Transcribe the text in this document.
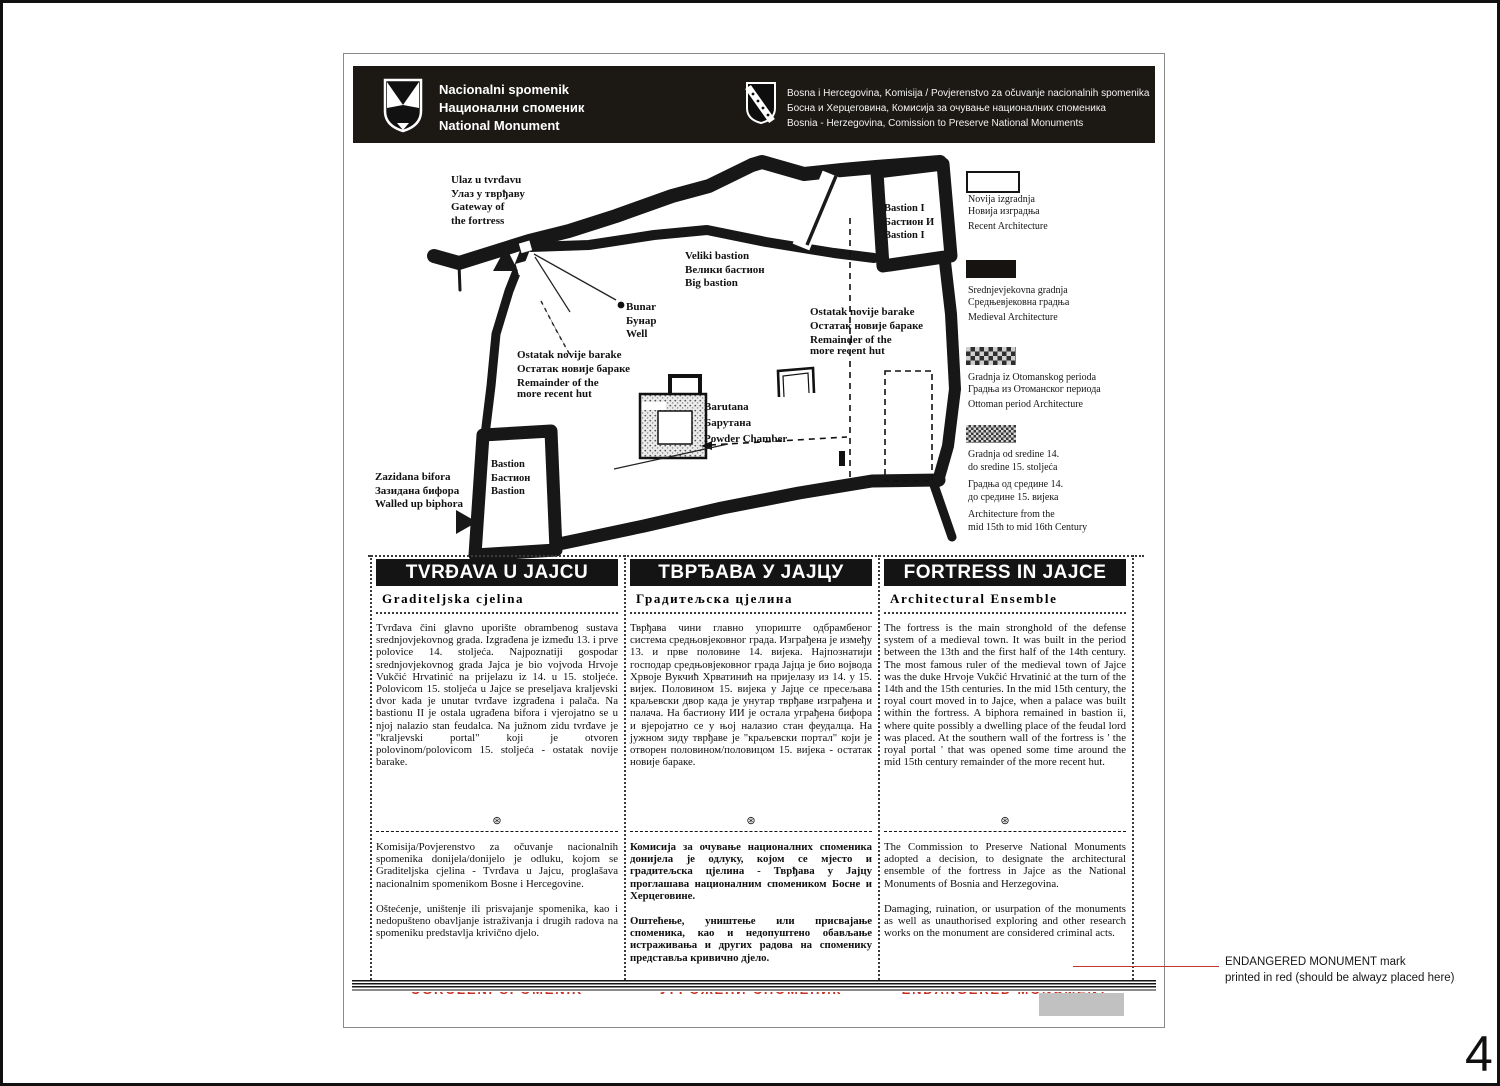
Nacionalni spomenik
Национални споменик
National Monument
Bosna i Hercegovina, Komisija / Povjerenstvo za očuvanje nacionalnih spomenika
Босна и Херцеговина, Комисија за очување националних споменика
Bosnia - Herzegovina, Comission to Preserve National Monuments
Ulaz u tvrđavu
Улаз у тврђаву
Gateway of
the fortress
Veliki bastion
Велики бастион
Big bastion
Bastion I
Бастион И
Bastion I
Bunar
Бунар
Well
Ostatak novije barake
Остатак новије бараке
Remainder of the
more recent hut
Ostatak novije barake
Остатак новије бараке
Remainder of the
more recent hut
Barutana
Барутана
Powder Chamber
Zazidana bifora
Зазидана бифора
Walled up biphora
Bastion
Бастион
Bastion
Novija izgradnja
Новија изградња
Recent Architecture
Srednjevjekovna gradnja
Средњевјековна градња
Medieval Architecture
Gradnja iz Otomanskog perioda
Градња из Отоманског периода
Ottoman period Architecture
Gradnja od sredine 14.
do sredine 15. stoljeća
Градња од средине 14.
до средине 15. вијека
Architecture from the
mid 15th to mid 16th Century
TVRĐAVA U JAJCU
Graditeljska cjelina
Tvrđava čini glavno uporište obrambenog sustava srednjovjekovnog grada. Izgrađena je između 13. i prve polovice 14. stoljeća. Najpoznatiji gospodar srednjovjekovnog grada Jajca je bio vojvoda Hrvoje Vukčić Hrvatinić na prijelazu iz 14. u 15. stoljeće. Polovicom 15. stoljeća u Jajce se preseljava kraljevski dvor kada je unutar tvrđave izgrađena i palača. Na bastionu II je ostala ugrađena bifora i vjerojatno se u njoj nalazio stan feudalca. Na južnom zidu tvrđave je "kraljevski portal" koji je otvoren polovinom/polovicom 15. stoljeća - ostatak novije barake.
⊛
Komisija/Povjerenstvo za očuvanje nacionalnih spomenika donijela/donijelo je odluku, kojom se Graditeljska cjelina - Tvrđava u Jajcu, proglašava nacionalnim spomenikom Bosne i Hercegovine.
Oštećenje, uništenje ili prisvajanje spomenika, kao i nedopušteno obavljanje istraživanja i drugih radova na spomeniku predstavlja krivično djelo.
ТВРЂАВА У ЈАЈЦУ
Градитељска цјелина
Тврђава чини главно упориште одбрамбеног система средњовјековног града. Изграђена је између 13. и прве половине 14. вијека. Најпознатији господар средњовјековног града Јајца је био војвода Хрвоје Вукчић Хрватинић на пријелазу из 14. у 15. вијек. Половином 15. вијека у Јајце се пресељава краљевски двор када је унутар тврђаве изграђена и палача. На бастиону ИИ је остала уграђена бифора и вјеројатно се у њој налазио стан феудалца. На јужном зиду тврђаве је "краљевски портал" који је отворен половином/половицом 15. вијека - остатак новије бараке.
⊛
Комисија за очување националних споменика донијела је одлуку, којом се мјесто и градитељска цјелина - Тврђава у Јајцу проглашава националним спомеником Босне и Херцеговине.
Оштећење, уништење или присвајање споменика, као и недопуштено обављање истраживања и других радова на споменику представља кривично дјело.
FORTRESS IN JAJCE
Architectural Ensemble
The fortress is the main stronghold of the defense system of a medieval town. It was built in the period between the 13th and the first half of the 14th century. The most famous ruler of the medieval town of Jajce was the duke Hrvoje Vukčić Hrvatinić at the turn of the 14th and the 15th centuries. In the mid 15th century, the royal court moved in to Jajce, when a palace was built within the fortress. A biphora remained in bastion ii, where quite possibly a dwelling place of the feudal lord was placed. At the southern wall of the fortress is ' the royal portal ' that was opened some time around the mid 15th century remainder of the more recent hut.
⊛
The Commission to Preserve National Monuments adopted a decision, to designate the architectural ensemble of the fortress in Jajce as the National Monuments of Bosnia and Herzegovina.
Damaging, ruination, or usurpation of the monuments as well as unauthorised exploring and other research works on the monument are considered criminal acts.
ENDANGERED MONUMENT mark
printed in red (should be alwayz placed here)
4
